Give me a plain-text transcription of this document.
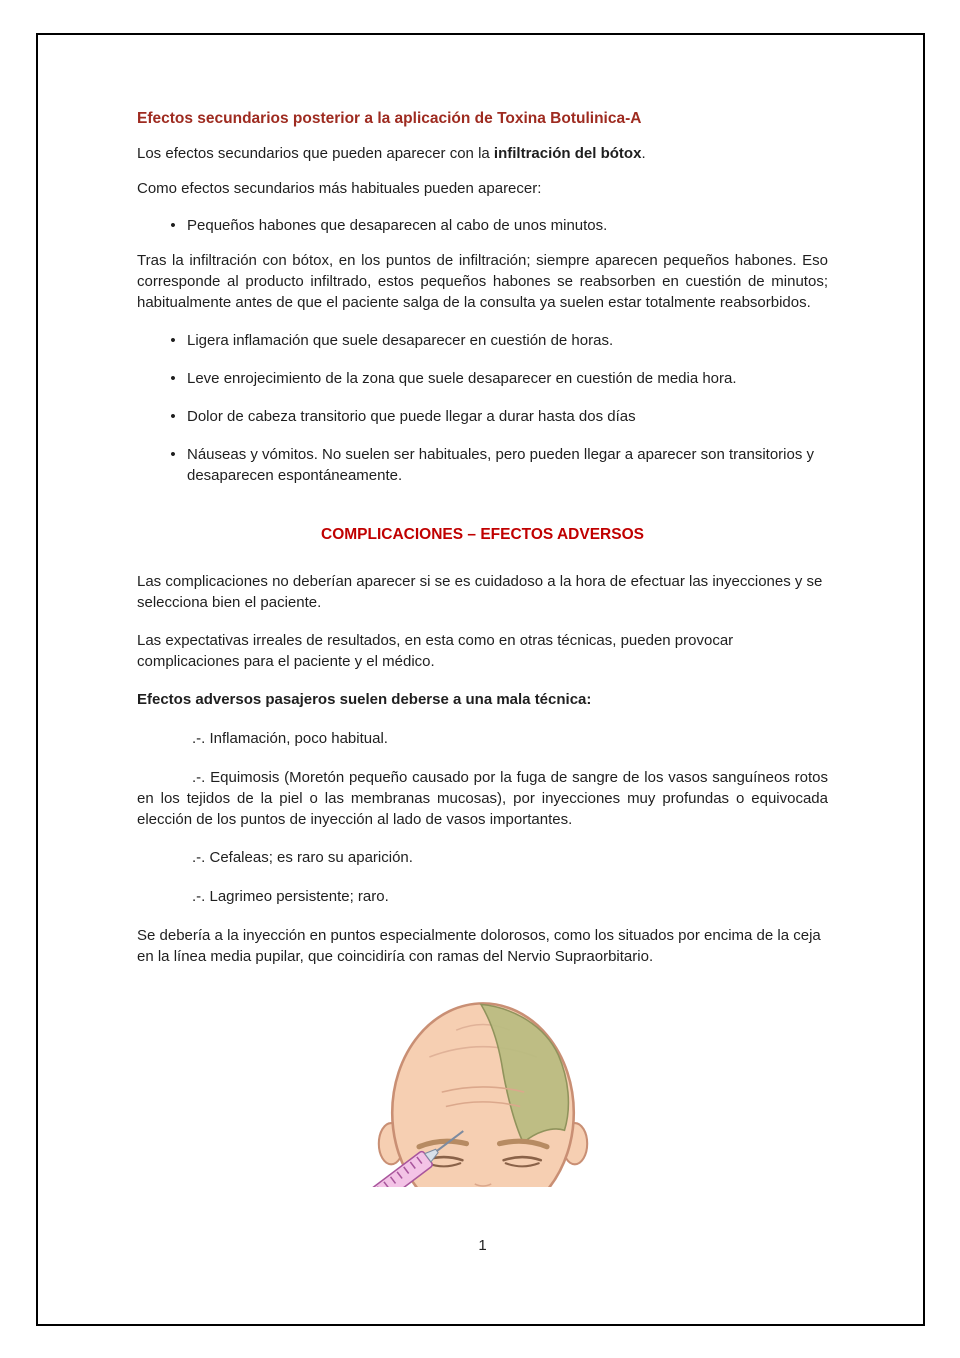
Efectos secundarios posterior a la aplicación de Toxina Botulinica-A

Los efectos secundarios que pueden aparecer con la infiltración del bótox.

Como efectos secundarios más habituales pueden aparecer:

• Pequeños habones que desaparecen al cabo de unos minutos.

Tras la infiltración con bótox, en los puntos de infiltración; siempre aparecen pequeños habones. Eso corresponde al producto infiltrado, estos pequeños habones se reabsorben en cuestión de minutos; habitualmente antes de que el paciente salga de la consulta ya suelen estar totalmente reabsorbidos.

• Ligera inflamación que suele desaparecer en cuestión de horas.
• Leve enrojecimiento de la zona que suele desaparecer en cuestión de media hora.
• Dolor de cabeza transitorio que puede llegar a durar hasta dos días
• Náuseas y vómitos. No suelen ser habituales, pero pueden llegar a aparecer son transitorios y desaparecen espontáneamente.
COMPLICACIONES – EFECTOS ADVERSOS

Las complicaciones no deberían aparecer si se es cuidadoso a la hora de efectuar las inyecciones y se selecciona bien el paciente.

Las expectativas irreales de resultados, en esta como en otras técnicas, pueden provocar complicaciones para el paciente y el médico.

Efectos adversos pasajeros suelen deberse a una mala técnica:
.-. Inflamación, poco habitual.

.-. Equimosis (Moretón pequeño causado por la fuga de sangre de los vasos sanguíneos rotos en los tejidos de la piel o las membranas mucosas), por inyecciones muy profundas o equivocada elección de los puntos de inyección al lado de vasos importantes.

.-. Cefaleas; es raro su aparición.
.-. Lagrimeo persistente; raro.

Se debería a la inyección en puntos especialmente dolorosos, como los situados por encima de la ceja en la línea media pupilar, que coincidiría con ramas del Nervio Supraorbitario.

1
